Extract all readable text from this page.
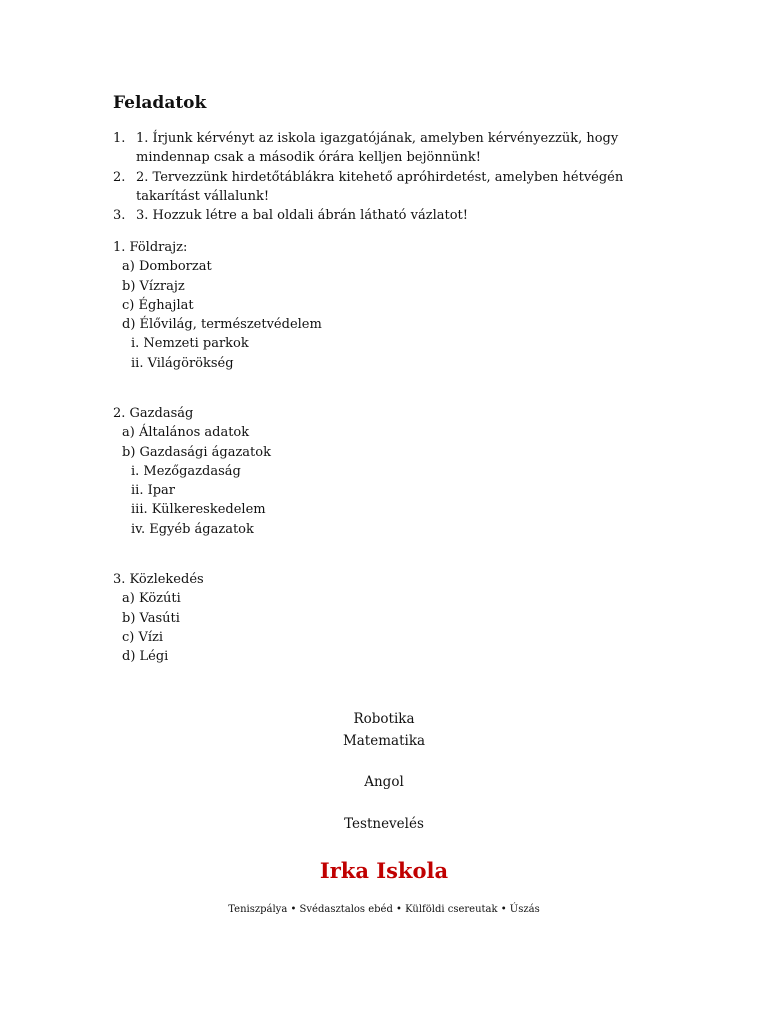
Feladatok
1. 1. Írjunk kérvényt az iskola igazgatójának, amelyben kérvényezzük, hogy mindennap csak a második órára kelljen bejönnünk!
2. 2. Tervezzünk hirdetőtáblákra kitehető apróhirdetést, amelyben hétvégén takarítást vállalunk!
3. 3. Hozzuk létre a bal oldali ábrán látható vázlatot!
1. Földrajz:
a) Domborzat
b) Vízrajz
c) Éghajlat
d) Élővilág, természetvédelem
i. Nemzeti parkok
ii. Világörökség
2. Gazdaság
a) Általános adatok
b) Gazdasági ágazatok
i. Mezőgazdaság
ii. Ipar
iii. Külkereskedelem
iv. Egyéb ágazatok
3. Közlekedés
a) Közúti
b) Vasúti
c) Vízi
d) Légi
Robotika
Matematika
Angol
Testnevelés
Irka Iskola
Teniszpálya • Svédasztalos ebéd • Külföldi csereutak • Úszás
